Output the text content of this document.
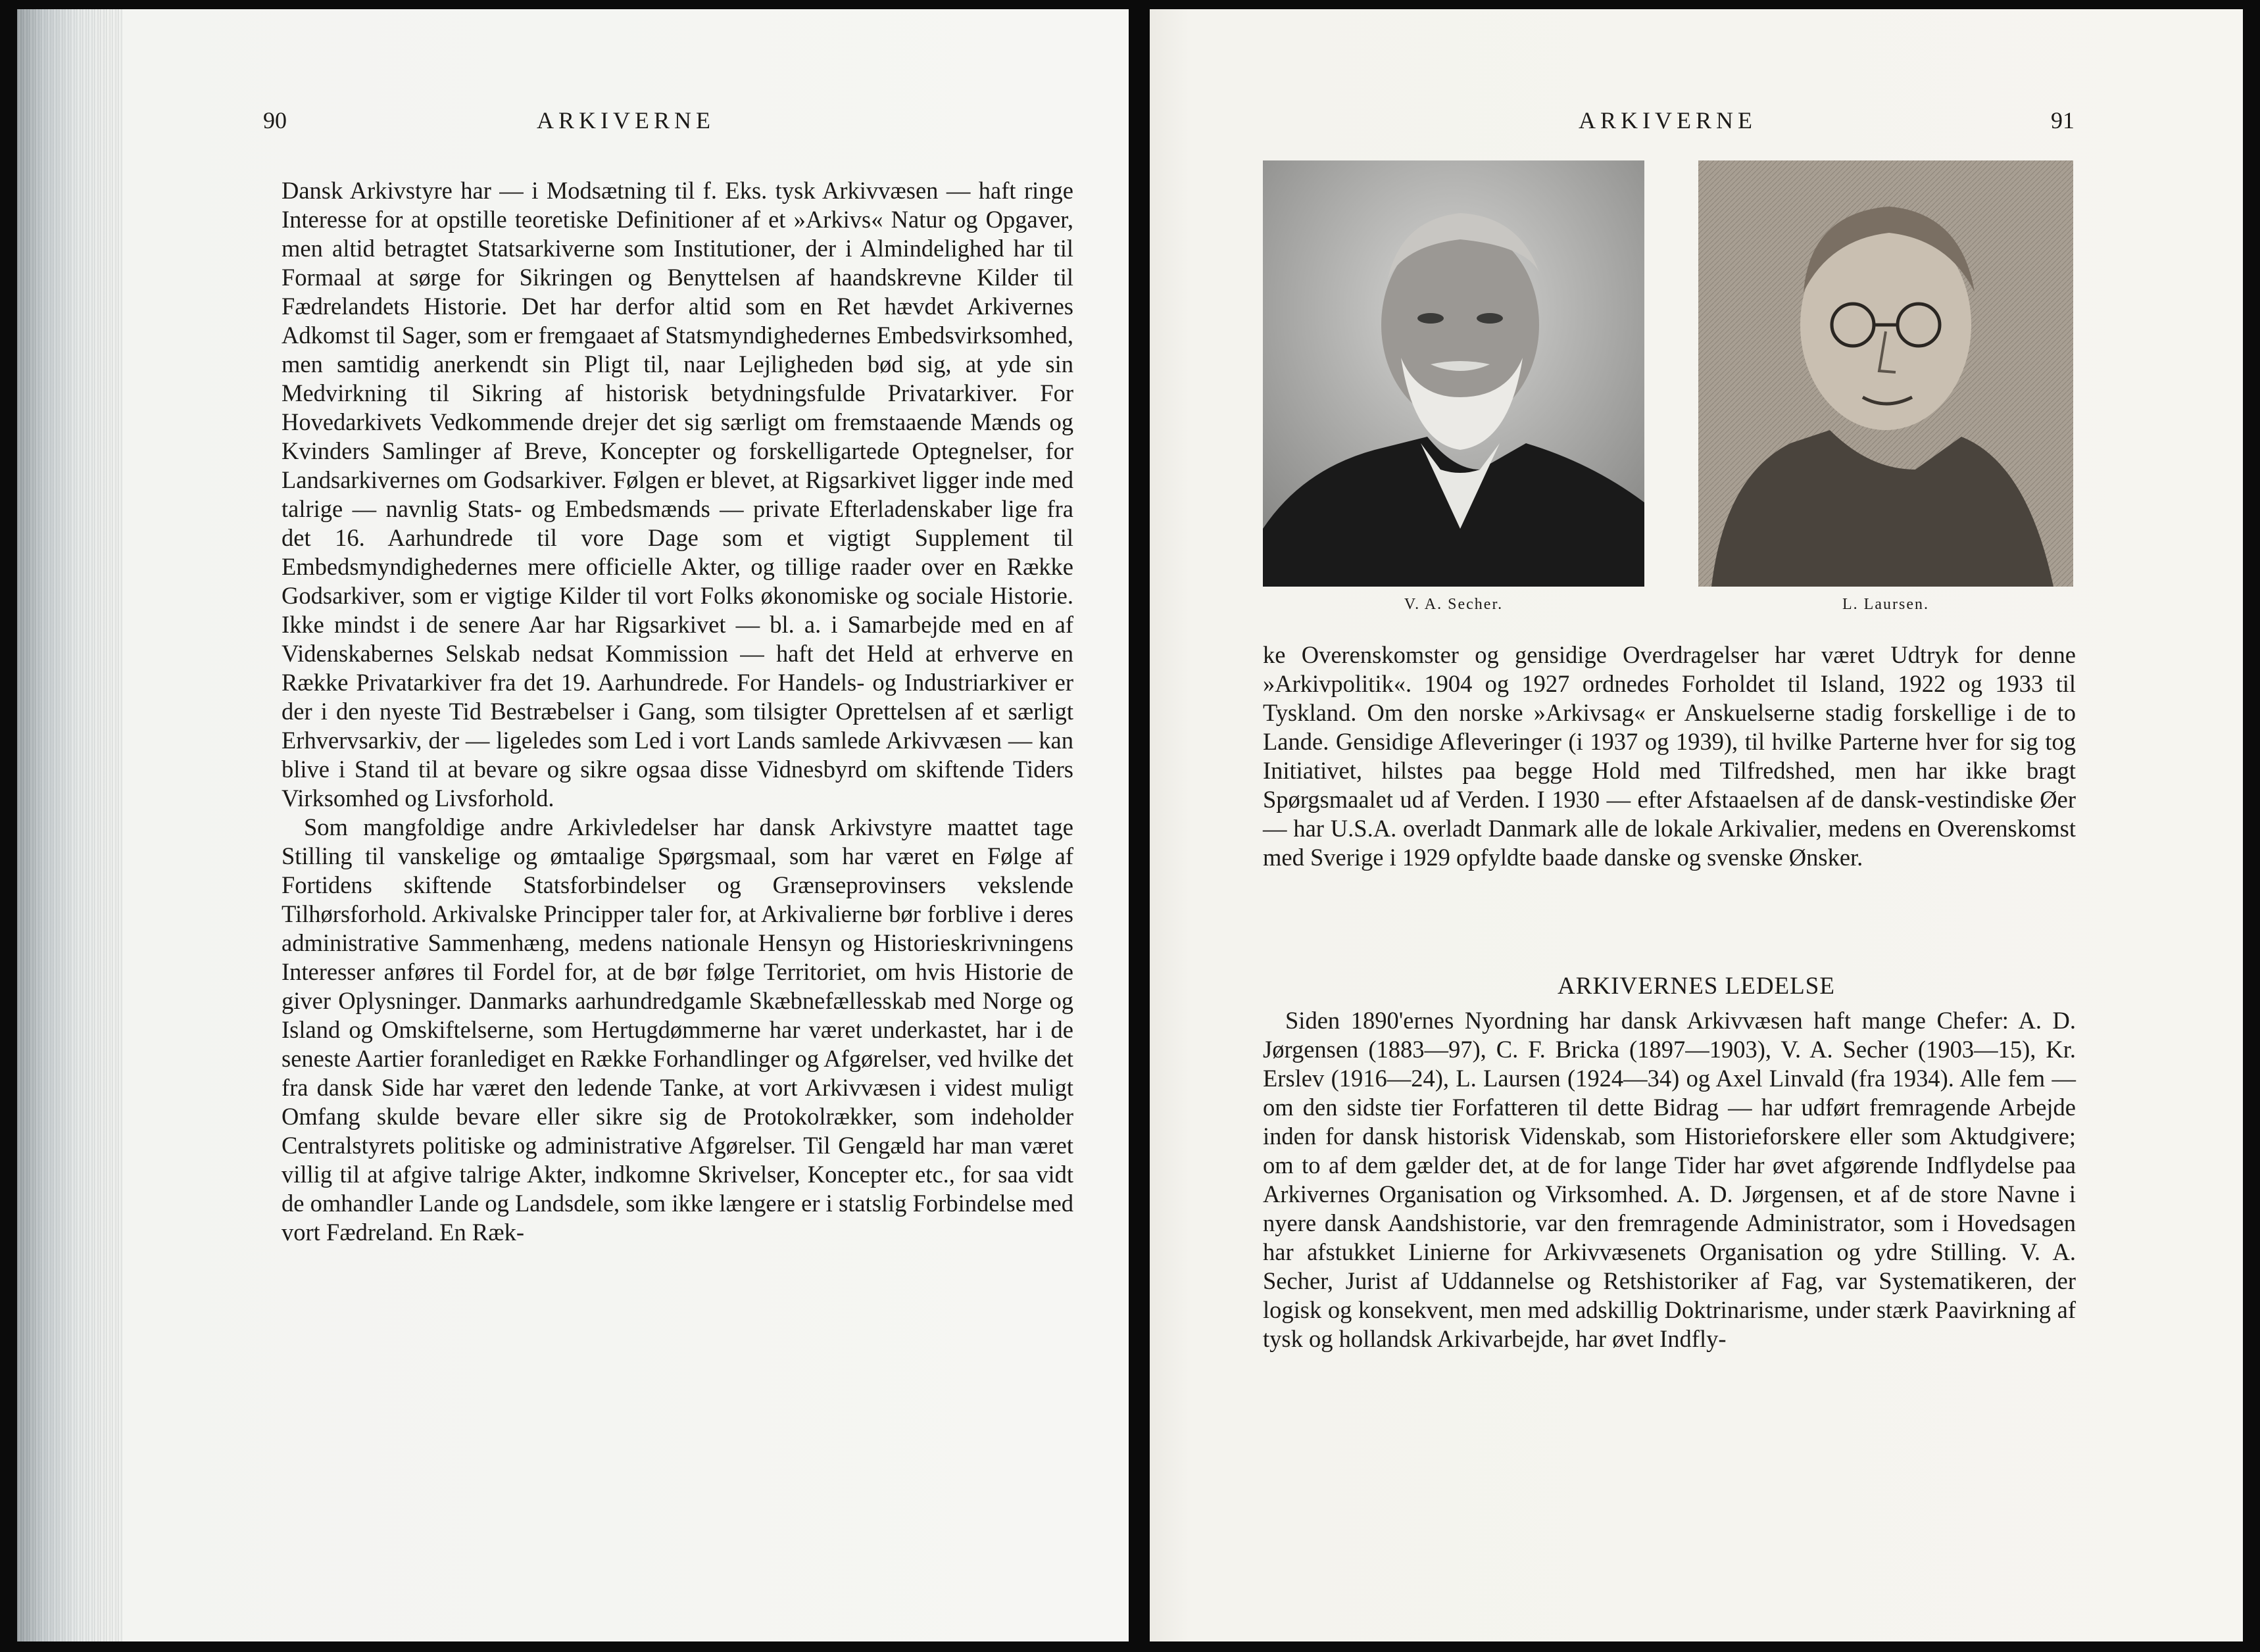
90	ARKIVERNE

Dansk Arkivstyre har — i Modsætning til f. Eks. tysk Arkivvæsen — haft ringe Interesse for at opstille teoretiske Definitioner af et »Arkivs« Natur og Opgaver, men altid betragtet Statsarkiverne som Institutioner, der i Almindelighed har til Formaal at sørge for Sikringen og Benyttelsen af haandskrevne Kilder til Fædrelandets Historie. Det har derfor altid som en Ret hævdet Arkivernes Adkomst til Sager, som er fremgaaet af Statsmyndighedernes Embedsvirksomhed, men samtidig anerkendt sin Pligt til, naar Lejligheden bød sig, at yde sin Medvirkning til Sikring af historisk betydningsfulde Privatarkiver. For Hovedarkivets Vedkommende drejer det sig særligt om fremstaaende Mænds og Kvinders Samlinger af Breve, Koncepter og forskelligartede Optegnelser, for Landsarkivernes om Godsarkiver. Følgen er blevet, at Rigsarkivet ligger inde med talrige — navnlig Stats- og Embedsmænds — private Efterladenskaber lige fra det 16. Aarhundrede til vore Dage som et vigtigt Supplement til Embedsmyndighedernes mere officielle Akter, og tillige raader over en Række Godsarkiver, som er vigtige Kilder til vort Folks økonomiske og sociale Historie. Ikke mindst i de senere Aar har Rigsarkivet — bl. a. i Samarbejde med en af Videnskabernes Selskab nedsat Kommission — haft det Held at erhverve en Række Privatarkiver fra det 19. Aarhundrede. For Handels- og Industriarkiver er der i den nyeste Tid Bestræbelser i Gang, som tilsigter Oprettelsen af et særligt Erhvervsarkiv, der — ligeledes som Led i vort Lands samlede Arkivvæsen — kan blive i Stand til at bevare og sikre ogsaa disse Vidnesbyrd om skiftende Tiders Virksomhed og Livsforhold.

Som mangfoldige andre Arkivledelser har dansk Arkivstyre maattet tage Stilling til vanskelige og ømtaalige Spørgsmaal, som har været en Følge af Fortidens skiftende Statsforbindelser og Grænseprovinsers vekslende Tilhørsforhold. Arkivalske Principper taler for, at Arkivalierne bør forblive i deres administrative Sammenhæng, medens nationale Hensyn og Historieskrivningens Interesser anføres til Fordel for, at de bør følge Territoriet, om hvis Historie de giver Oplysninger. Danmarks aarhundredgamle Skæbnefællesskab med Norge og Island og Omskiftelserne, som Hertugdømmerne har været underkastet, har i de seneste Aartier foranlediget en Række Forhandlinger og Afgørelser, ved hvilke det fra dansk Side har været den ledende Tanke, at vort Arkivvæsen i videst muligt Omfang skulde bevare eller sikre sig de Protokolrækker, som indeholder Centralstyrets politiske og administrative Afgørelser. Til Gengæld har man været villig til at afgive talrige Akter, indkomne Skrivelser, Koncepter etc., for saa vidt de omhandler Lande og Landsdele, som ikke længere er i statslig Forbindelse med vort Fædreland. En Ræk-

ARKIVERNE	91
V. A. Secher.	L. Laursen.

ke Overenskomster og gensidige Overdragelser har været Udtryk for denne »Arkivpolitik«. 1904 og 1927 ordnedes Forholdet til Island, 1922 og 1933 til Tyskland. Om den norske »Arkivsag« er Anskuelserne stadig forskellige i de to Lande. Gensidige Afleveringer (i 1937 og 1939), til hvilke Parterne hver for sig tog Initiativet, hilstes paa begge Hold med Tilfredshed, men har ikke bragt Spørgsmaalet ud af Verden. I 1930 — efter Afstaaelsen af de dansk-vestindiske Øer — har U.S.A. overladt Danmark alle de lokale Arkivalier, medens en Overenskomst med Sverige i 1929 opfyldte baade danske og svenske Ønsker.

ARKIVERNES LEDELSE

Siden 1890'ernes Nyordning har dansk Arkivvæsen haft mange Chefer: A. D. Jørgensen (1883—97), C. F. Bricka (1897—1903), V. A. Secher (1903—15), Kr. Erslev (1916—24), L. Laursen (1924—34) og Axel Linvald (fra 1934). Alle fem — om den sidste tier Forfatteren til dette Bidrag — har udført fremragende Arbejde inden for dansk historisk Videnskab, som Historieforskere eller som Aktudgivere; om to af dem gælder det, at de for lange Tider har øvet afgørende Indflydelse paa Arkivernes Organisation og Virksomhed. A. D. Jørgensen, et af de store Navne i nyere dansk Aandshistorie, var den fremragende Administrator, som i Hovedsagen har afstukket Linierne for Arkivvæsenets Organisation og ydre Stilling. V. A. Secher, Jurist af Uddannelse og Retshistoriker af Fag, var Systematikeren, der logisk og konsekvent, men med adskillig Doktrinarisme, under stærk Paavirkning af tysk og hollandsk Arkivarbejde, har øvet Indfly-
